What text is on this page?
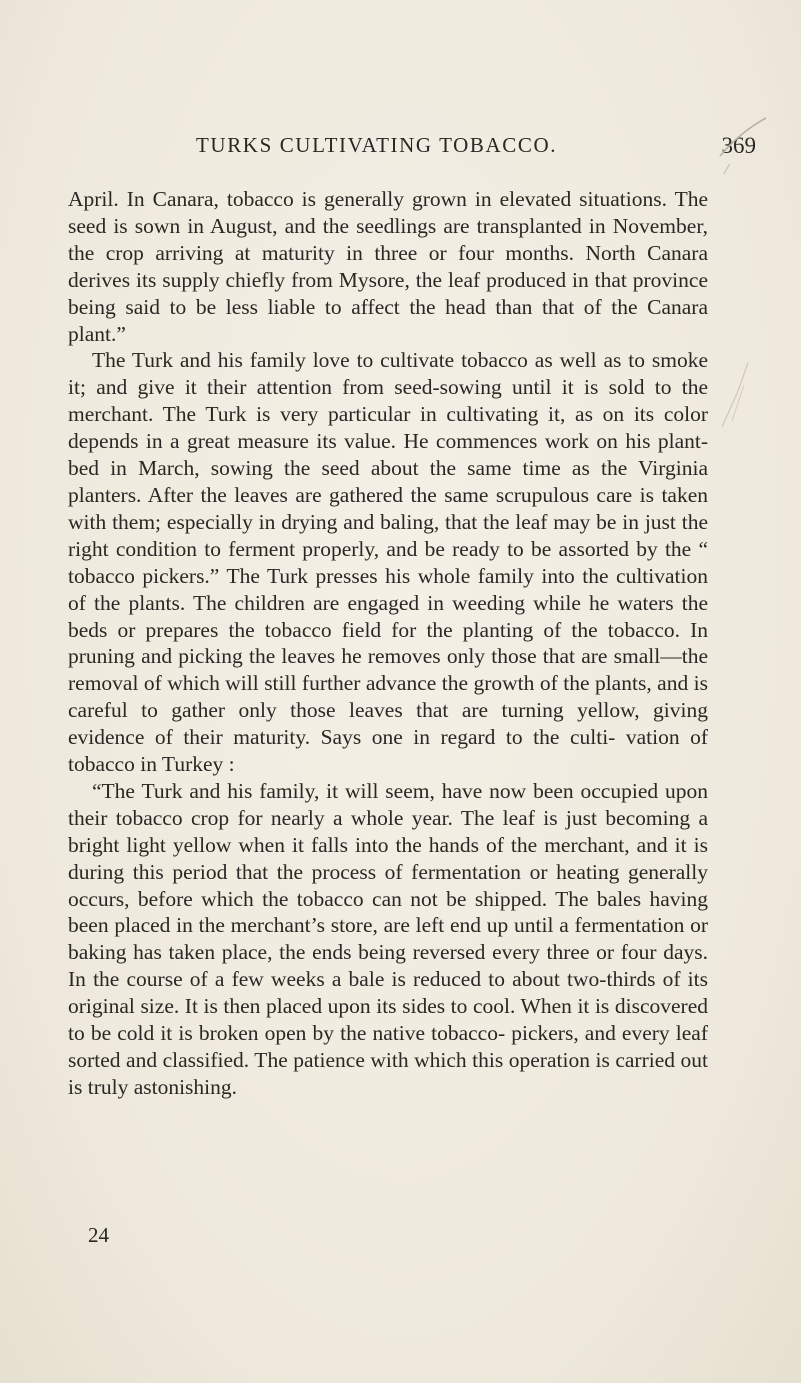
TURKS CULTIVATING TOBACCO.	369

April. In Canara, tobacco is generally grown in elevated situations. The seed is sown in August, and the seedlings are transplanted in November, the crop arriving at maturity in three or four months. North Canara derives its supply chiefly from Mysore, the leaf produced in that province being said to be less liable to affect the head than that of the Canara plant.”

The Turk and his family love to cultivate tobacco as well as to smoke it; and give it their attention from seed-sowing until it is sold to the merchant. The Turk is very particular in cultivating it, as on its color depends in a great measure its value. He commences work on his plant-bed in March, sowing the seed about the same time as the Virginia planters. After the leaves are gathered the same scrupulous care is taken with them; especially in drying and baling, that the leaf may be in just the right condition to ferment properly, and be ready to be assorted by the “ tobacco pickers.” The Turk presses his whole family into the cultivation of the plants. The children are engaged in weeding while he waters the beds or prepares the tobacco field for the planting of the tobacco. In pruning and picking the leaves he removes only those that are small—the removal of which will still further advance the growth of the plants, and is careful to gather only those leaves that are turning yellow, giving evidence of their maturity. Says one in regard to the culti- vation of tobacco in Turkey :

“The Turk and his family, it will seem, have now been occupied upon their tobacco crop for nearly a whole year. The leaf is just becoming a bright light yellow when it falls into the hands of the merchant, and it is during this period that the process of fermentation or heating generally occurs, before which the tobacco can not be shipped. The bales having been placed in the merchant’s store, are left end up until a fermentation or baking has taken place, the ends being reversed every three or four days. In the course of a few weeks a bale is reduced to about two-thirds of its original size. It is then placed upon its sides to cool. When it is discovered to be cold it is broken open by the native tobacco- pickers, and every leaf sorted and classified. The patience with which this operation is carried out is truly astonishing.

24
